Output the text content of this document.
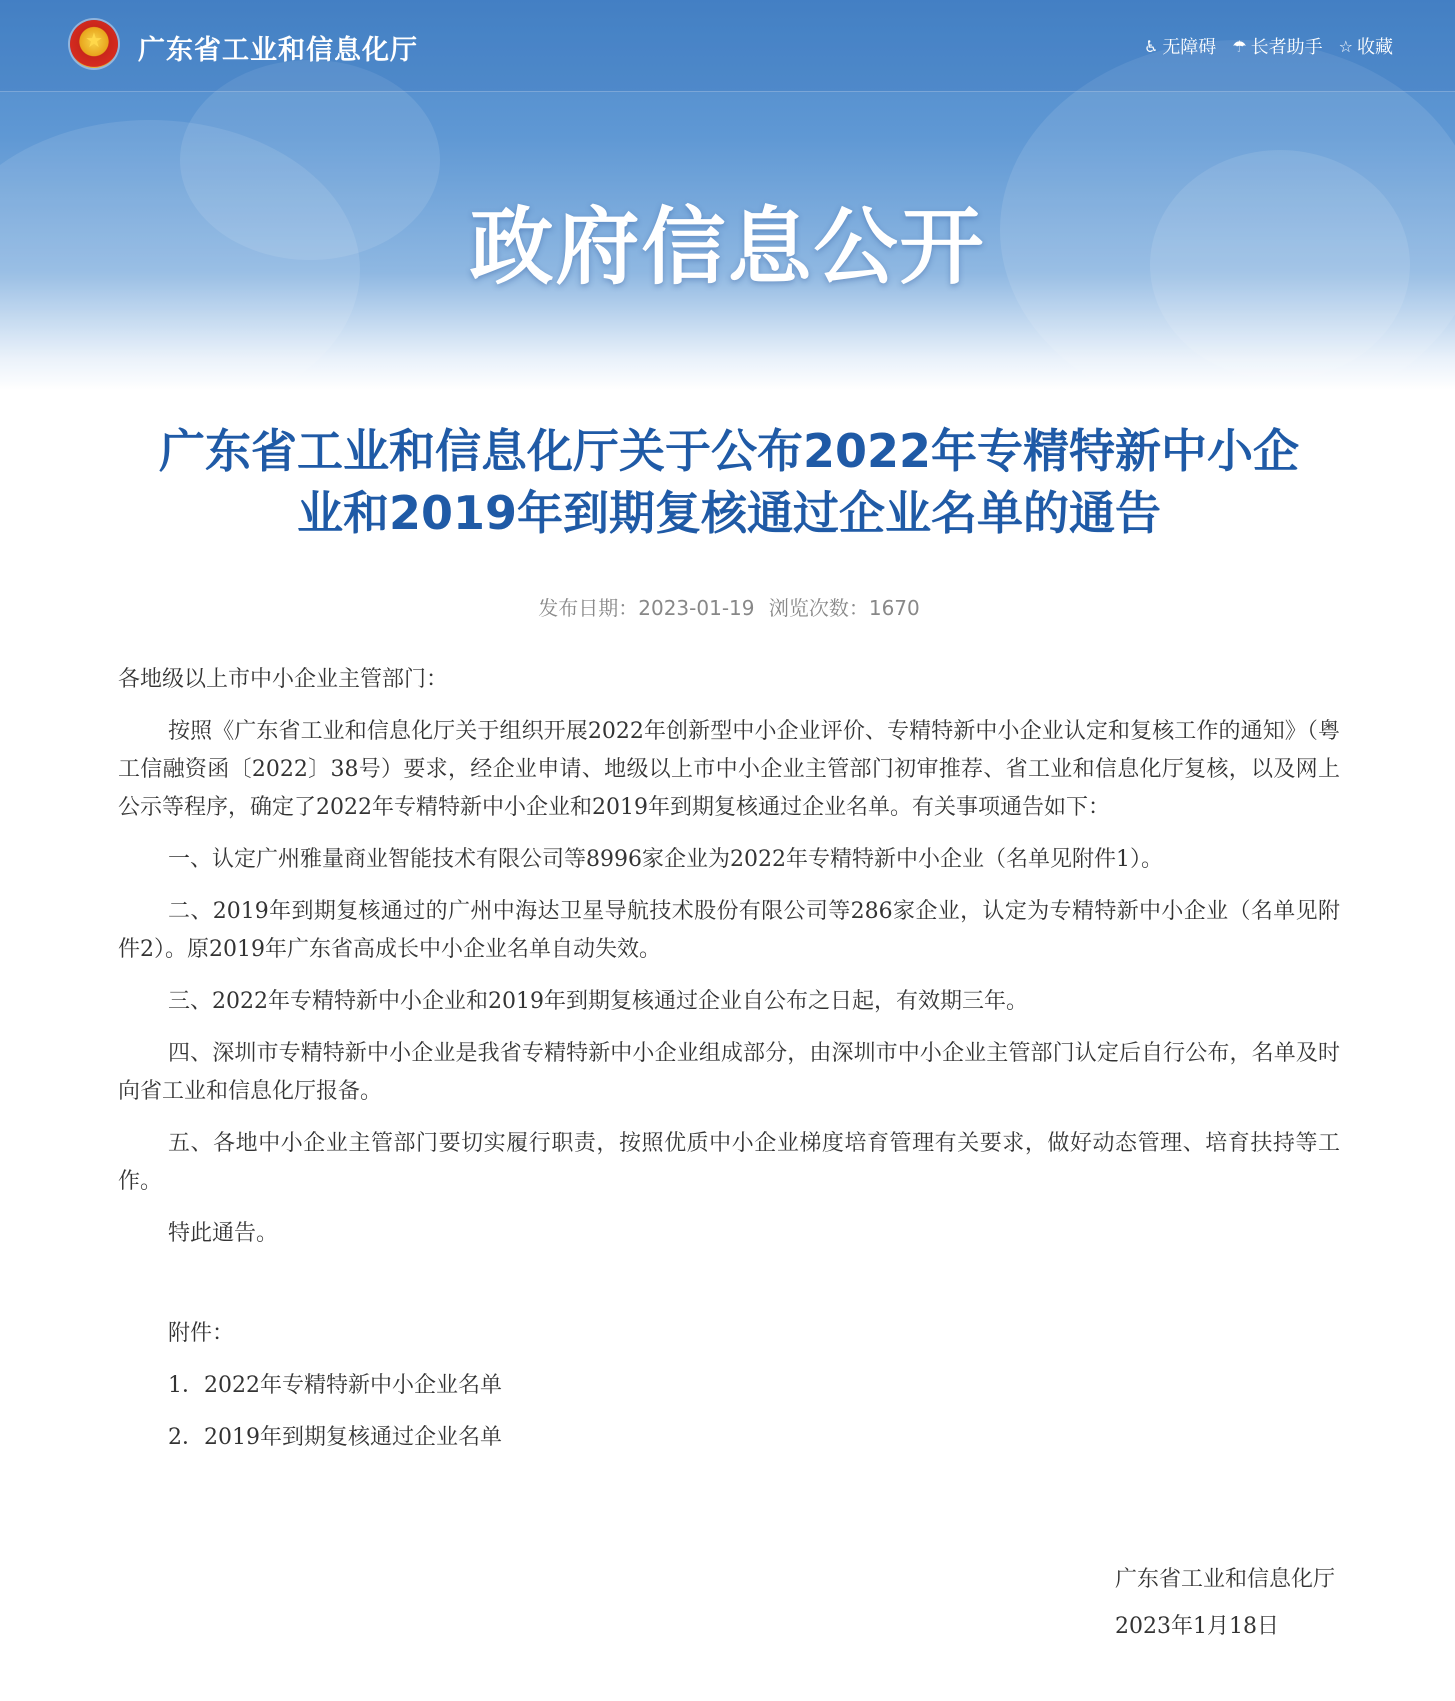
★
广东省工业和信息化厅	♿ 无障碍 ☂ 长者助手 ☆ 收藏
政府信息公开
广东省工业和信息化厅关于公布2022年专精特新中小企
业和2019年到期复核通过企业名单的通告
发布日期：2023-01-19 浏览次数：1670

各地级以上市中小企业主管部门：

按照《广东省工业和信息化厅关于组织开展2022年创新型中小企业评价、专精特新中小企业认定和复核工作的通知》（粤工信融资函〔2022〕38号）要求，经企业申请、地级以上市中小企业主管部门初审推荐、省工业和信息化厅复核，以及网上公示等程序，确定了2022年专精特新中小企业和2019年到期复核通过企业名单。有关事项通告如下：

一、认定广州雅量商业智能技术有限公司等8996家企业为2022年专精特新中小企业（名单见附件1）。

二、2019年到期复核通过的广州中海达卫星导航技术股份有限公司等286家企业，认定为专精特新中小企业（名单见附件2）。原2019年广东省高成长中小企业名单自动失效。

三、2022年专精特新中小企业和2019年到期复核通过企业自公布之日起，有效期三年。

四、深圳市专精特新中小企业是我省专精特新中小企业组成部分，由深圳市中小企业主管部门认定后自行公布，名单及时向省工业和信息化厅报备。

五、各地中小企业主管部门要切实履行职责，按照优质中小企业梯度培育管理有关要求，做好动态管理、培育扶持等工作。

特此通告。

附件：

1．2022年专精特新中小企业名单

2．2019年到期复核通过企业名单

广东省工业和信息化厅
2023年1月18日
